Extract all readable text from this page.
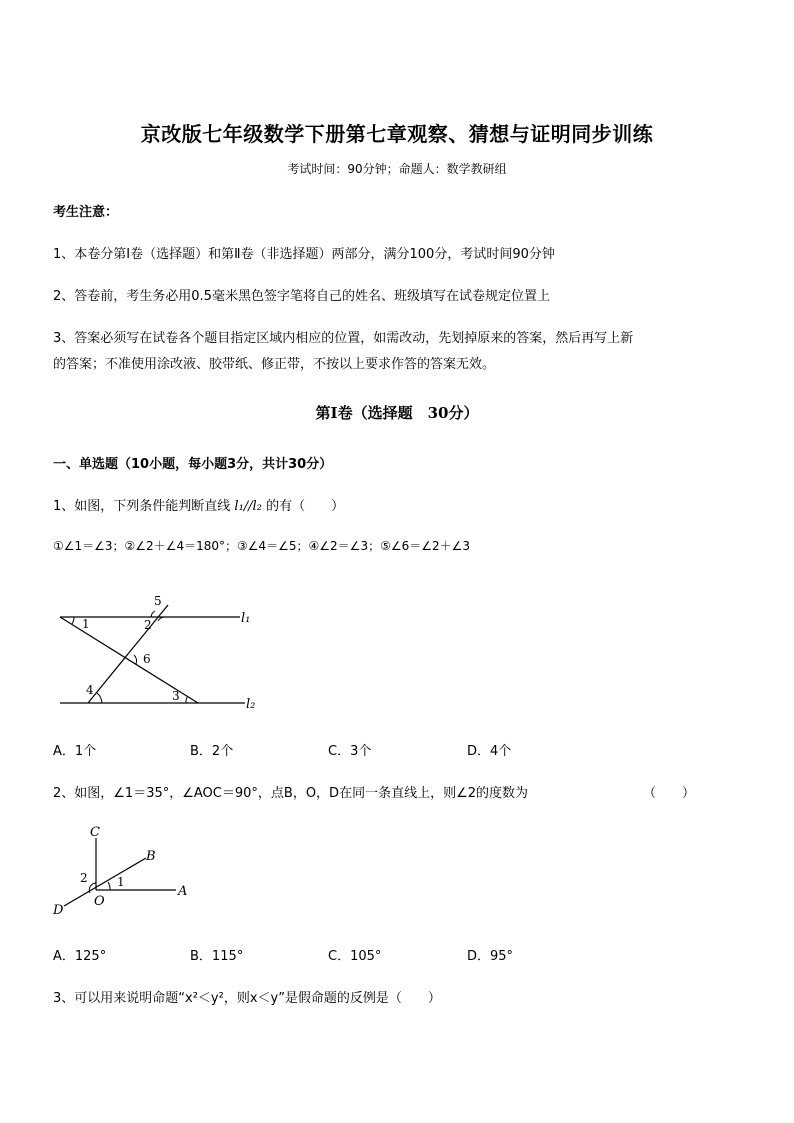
京改版七年级数学下册第七章观察、猜想与证明同步训练
考试时间：90分钟；命题人：数学教研组
考生注意：
1、本卷分第Ⅰ卷（选择题）和第Ⅱ卷（非选择题）两部分，满分100分，考试时间90分钟
2、答卷前，考生务必用0.5毫米黑色签字笔将自己的姓名、班级填写在试卷规定位置上
3、答案必须写在试卷各个题目指定区域内相应的位置，如需改动，先划掉原来的答案，然后再写上新
的答案；不准使用涂改液、胶带纸、修正带，不按以上要求作答的答案无效。
第Ⅰ卷（选择题　30分）
一、单选题（10小题，每小题3分，共计30分）
1、如图，下列条件能判断直线 l₁//l₂ 的有（　　）
①∠1＝∠3；②∠2＋∠4＝180°；③∠4＝∠5；④∠2＝∠3；⑤∠6＝∠2＋∠3
1	2
3
4
5
6
l₁
l₂
A．1个	B．2个	C．3个	D．4个
2、如图，∠1＝35°，∠AOC＝90°，点B，O，D在同一条直线上，则∠2的度数为	（　　）
C
B
A
D
O
1
2
A．125°	B．115°	C．105°	D．95°
3、可以用来说明命题“x²＜y²，则x＜y”是假命题的反例是（　　）
